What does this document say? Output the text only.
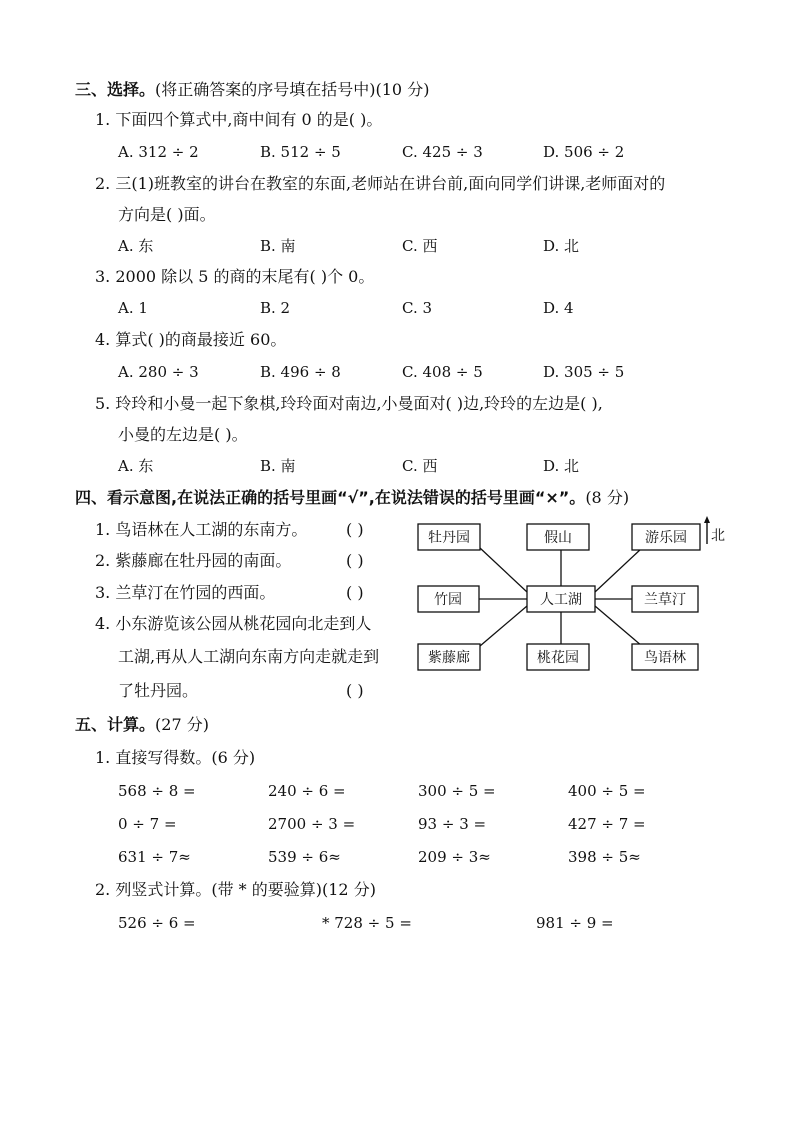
三、选择。(将正确答案的序号填在括号中)(10 分)
1. 下面四个算式中,商中间有 0 的是( )。
A. 312 ÷ 2	B. 512 ÷ 5	C. 425 ÷ 3	D. 506 ÷ 2
2. 三(1)班教室的讲台在教室的东面,老师站在讲台前,面向同学们讲课,老师面对的
方向是( )面。
A. 东	B. 南	C. 西	D. 北
3. 2000 除以 5 的商的末尾有( )个 0。
A. 1	B. 2	C. 3	D. 4
4. 算式( )的商最接近 60。
A. 280 ÷ 3	B. 496 ÷ 8	C. 408 ÷ 5	D. 305 ÷ 5
5. 玲玲和小曼一起下象棋,玲玲面对南边,小曼面对( )边,玲玲的左边是( ),
小曼的左边是( )。
A. 东	B. 南	C. 西	D. 北
四、看示意图,在说法正确的括号里画“√”,在说法错误的括号里画“×”。(8 分)
1. 鸟语林在人工湖的东南方。 ( )
2. 紫藤廊在牡丹园的南面。	( )
3. 兰草汀在竹园的西面。	( )
4. 小东游览该公园从桃花园向北走到人
工湖,再从人工湖向东南方向走就走到
了牡丹园。	( )
牡丹园	假山	游乐园
竹园	人工湖	兰草汀
紫藤廊	桃花园	鸟语林
北
五、计算。(27 分)
1. 直接写得数。(6 分)
568 ÷ 8 =	240 ÷ 6 =	300 ÷ 5 =	400 ÷ 5 =
0 ÷ 7 =	2700 ÷ 3 =	93 ÷ 3 =	427 ÷ 7 =
631 ÷ 7≈	539 ÷ 6≈	209 ÷ 3≈	398 ÷ 5≈
2. 列竖式计算。(带 * 的要验算)(12 分)
526 ÷ 6 =	* 728 ÷ 5 =	981 ÷ 9 =
